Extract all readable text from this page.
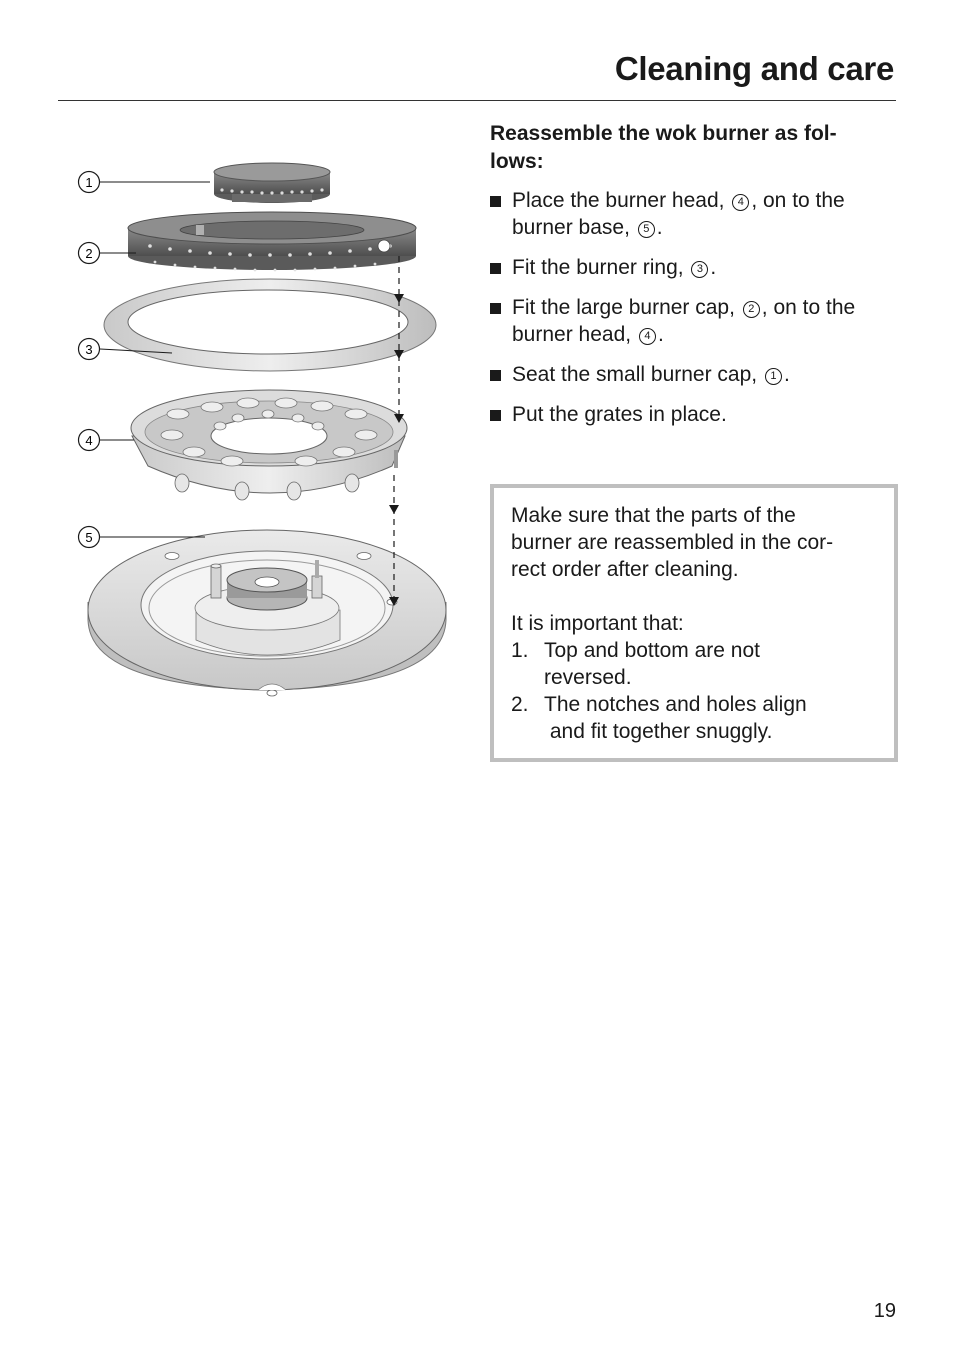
Cleaning and care
1
2
3
4
5
Reassemble the wok burner as fol-
lows:
Place the burner head, 4 , on to the burner base, 5 .
Fit the burner ring, 3 .
Fit the large burner cap, 2 , on to the burner head, 4 .
Seat the small burner cap, 1 .
Put the grates in place.

Make sure that the parts of the
burner are reassembled in the cor-
rect order after cleaning.

It is important that:

1. Top and bottom are not
reversed.
2. The notches and holes align
and fit together snuggly.
19
